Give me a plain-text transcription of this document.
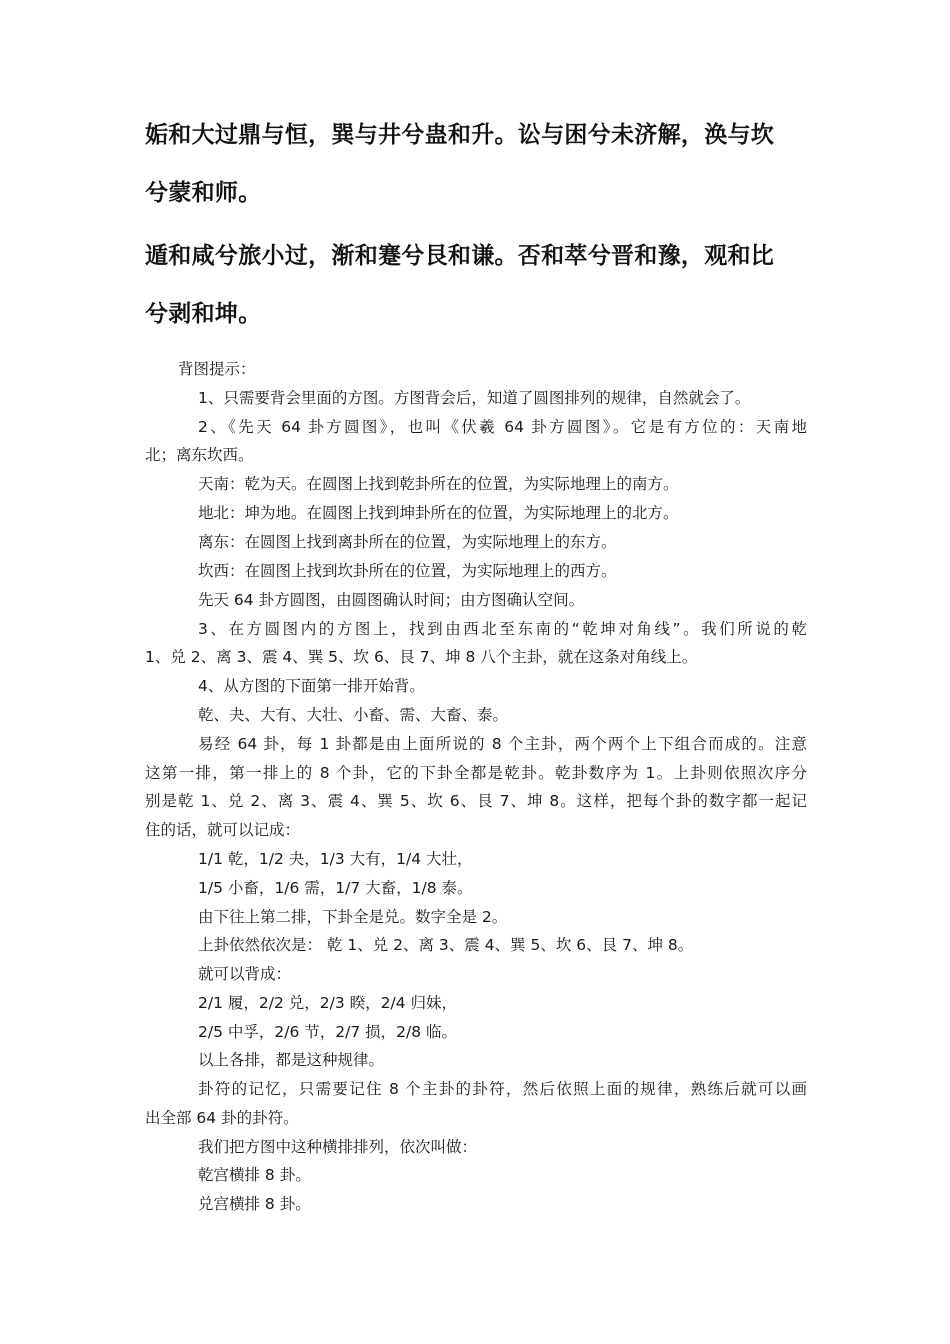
姤和大过鼎与恒，巽与井兮蛊和升。讼与困兮未济解，涣与坎
兮蒙和师。
遁和咸兮旅小过，渐和蹇兮艮和谦。否和萃兮晋和豫，观和比
兮剥和坤。
背图提示：
1、只需要背会里面的方图。方图背会后，知道了圆图排列的规律，自然就会了。
2、《先天 64 卦方圆图》，也叫《伏羲 64 卦方圆图》。它是有方位的：天南地
北；离东坎西。
天南：乾为天。在圆图上找到乾卦所在的位置，为实际地理上的南方。
地北：坤为地。在圆图上找到坤卦所在的位置，为实际地理上的北方。
离东：在圆图上找到离卦所在的位置，为实际地理上的东方。
坎西：在圆图上找到坎卦所在的位置，为实际地理上的西方。
先天 64 卦方圆图，由圆图确认时间；由方图确认空间。
3、在方圆图内的方图上，找到由西北至东南的“乾坤对角线”。我们所说的乾
1、兑 2、离 3、震 4、巽 5、坎 6、艮 7、坤 8 八个主卦，就在这条对角线上。
4、从方图的下面第一排开始背。
乾、夬、大有、大壮、小畜、需、大畜、泰。
易经 64 卦，每 1 卦都是由上面所说的 8 个主卦，两个两个上下组合而成的。注意
这第一排，第一排上的 8 个卦，它的下卦全都是乾卦。乾卦数序为 1。上卦则依照次序分
别是乾 1、兑 2、离 3、震 4、巽 5、坎 6、艮 7、坤 8。这样，把每个卦的数字都一起记
住的话，就可以记成：
1/1 乾，1/2 夬，1/3 大有，1/4 大壮，
1/5 小畜，1/6 需，1/7 大畜，1/8 泰。
由下往上第二排，下卦全是兑。数字全是 2。
上卦依然依次是： 乾 1、兑 2、离 3、震 4、巽 5、坎 6、艮 7、坤 8。
就可以背成：
2/1 履，2/2 兑，2/3 睽，2/4 归妹，
2/5 中孚，2/6 节，2/7 损，2/8 临。
以上各排，都是这种规律。
卦符的记忆，只需要记住 8 个主卦的卦符，然后依照上面的规律，熟练后就可以画
出全部 64 卦的卦符。
我们把方图中这种横排排列，依次叫做：
乾宫横排 8 卦。
兑宫横排 8 卦。
